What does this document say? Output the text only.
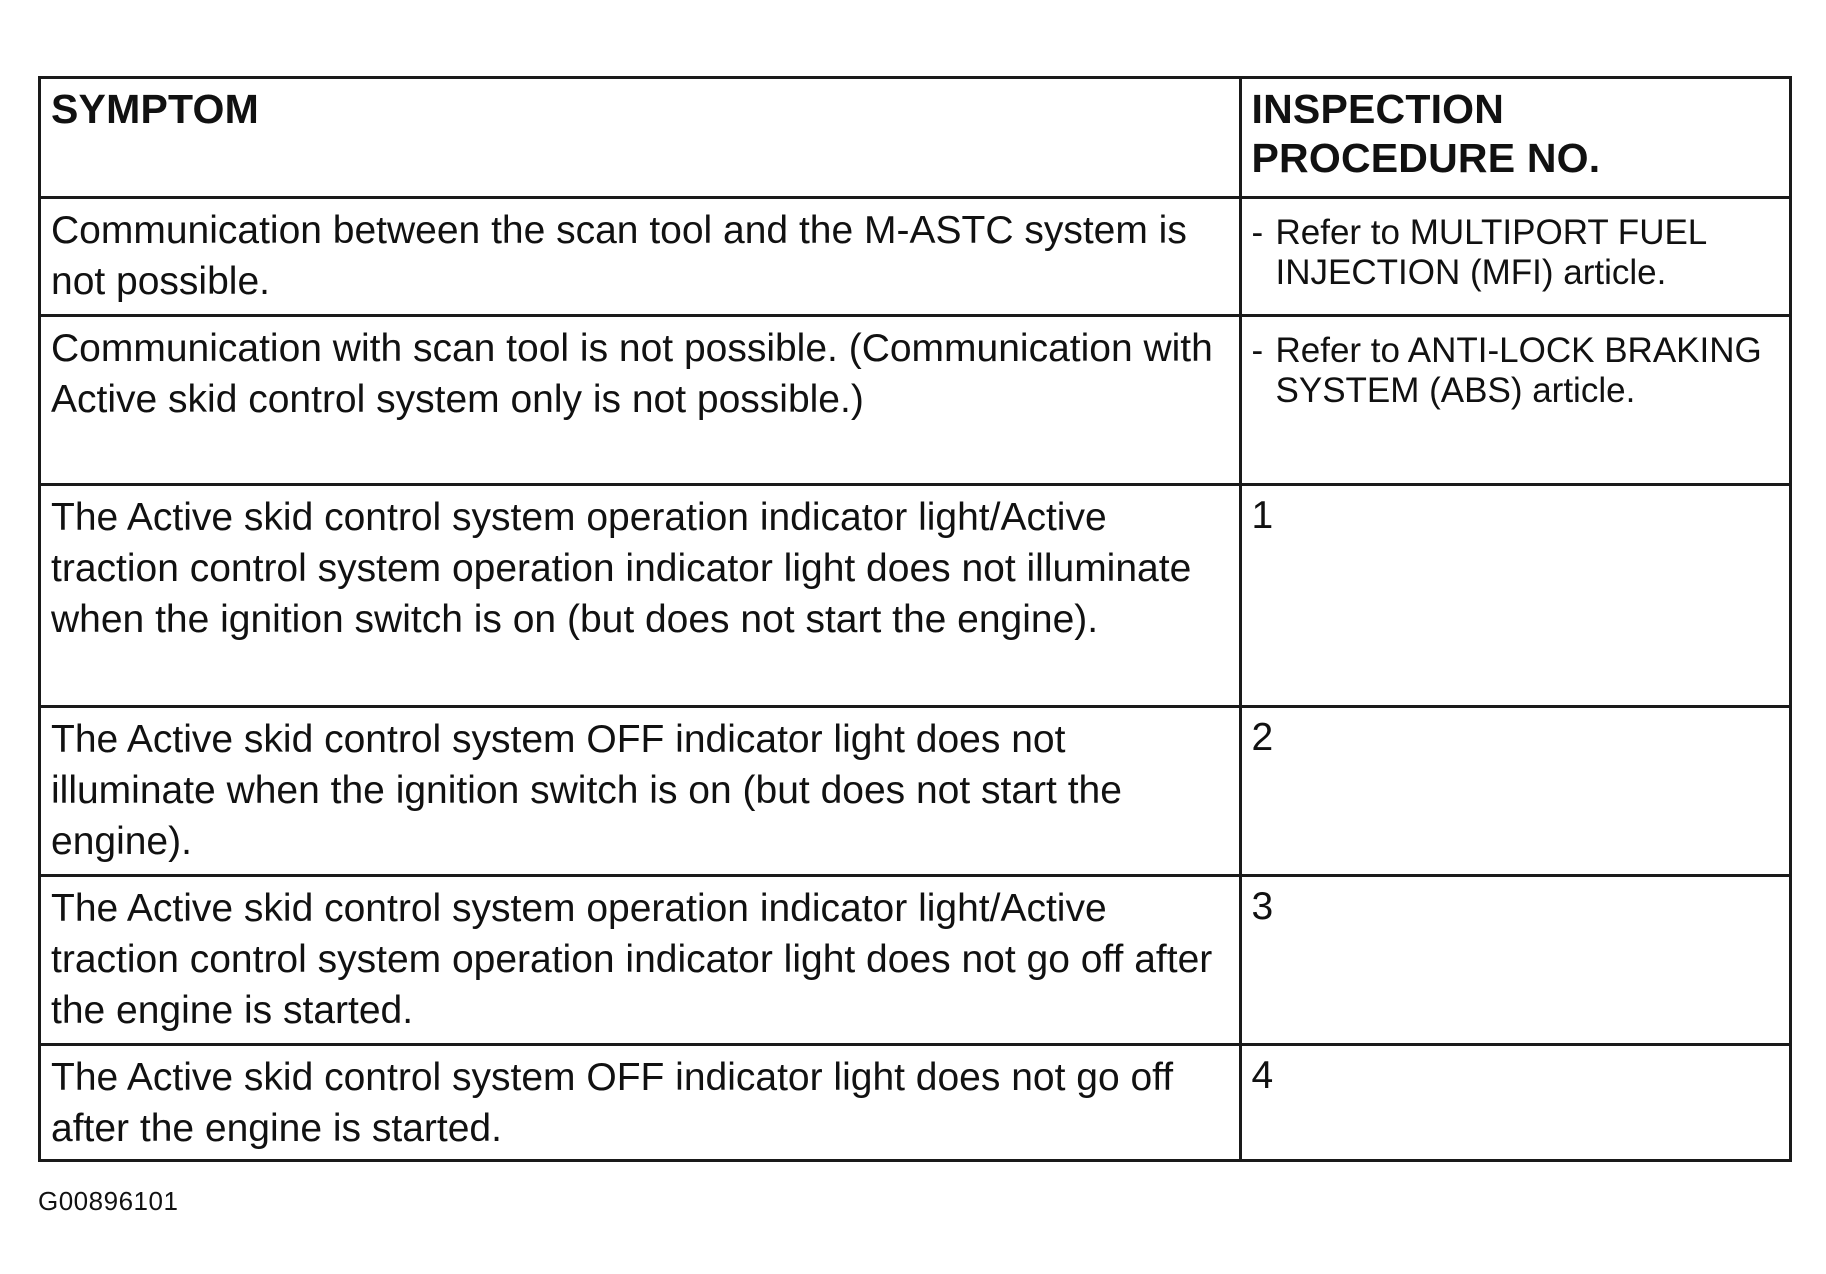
SYMPTOM	INSPECTION PROCEDURE NO.
Communication between the scan tool and the M-ASTC system is not possible.	- Refer to MULTIPORT FUEL INJECTION (MFI) article.

Communication with scan tool is not possible. (Communication with Active skid control system only is not possible.)	- Refer to ANTI-LOCK BRAKING SYSTEM (ABS) article.

The Active skid control system operation indicator light/Active traction control system operation indicator light does not illuminate when the ignition switch is on (but does not start the engine).	1
The Active skid control system OFF indicator light does not illuminate when the ignition switch is on (but does not start the engine).	2
The Active skid control system operation indicator light/Active traction control system operation indicator light does not go off after the engine is started.	3
The Active skid control system OFF indicator light does not go off after the engine is started.	4
G00896101
